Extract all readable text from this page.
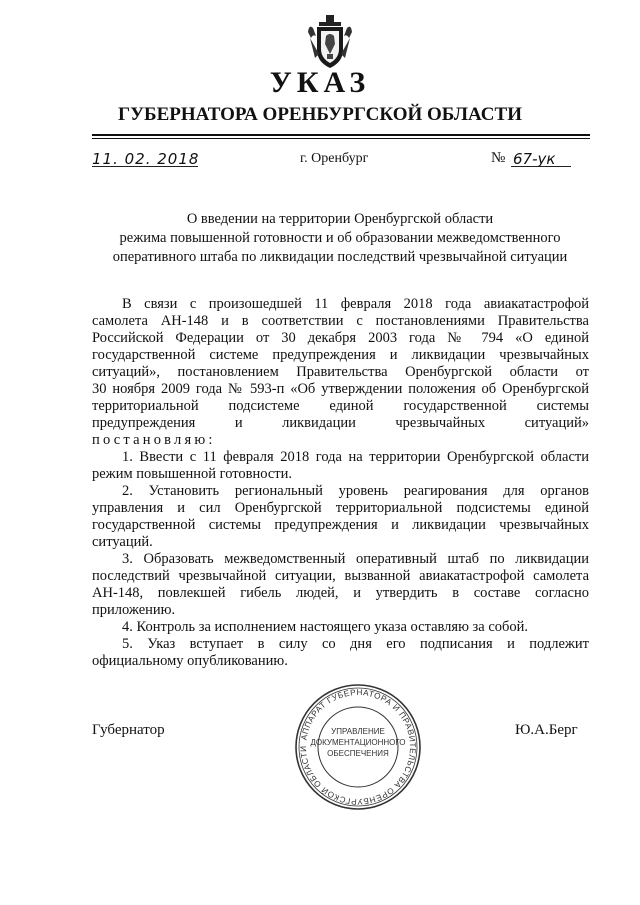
УКАЗ
ГУБЕРНАТОРА ОРЕНБУРГСКОЙ ОБЛАСТИ
11. 02. 2018	г. Оренбург	№ 67-ук
О введении на территории Оренбургской области
режима повышенной готовности и об образовании межведомственного
оперативного штаба по ликвидации последствий чрезвычайной ситуации
В связи с произошедшей 11 февраля 2018 года авиакатастрофой
самолета АН-148 и в соответствии с постановлениями Правительства
Российской Федерации от 30 декабря 2003 года № 794 «О единой
государственной системе предупреждения и ликвидации чрезвычайных
ситуаций», постановлением Правительства Оренбургской области от
30 ноября 2009 года № 593-п «Об утверждении положения об Оренбургской
территориальной подсистеме единой государственной системы
предупреждения и ликвидации чрезвычайных ситуаций»
постановляю:
1. Ввести с 11 февраля 2018 года на территории Оренбургской области
режим повышенной готовности.
2. Установить региональный уровень реагирования для органов
управления и сил Оренбургской территориальной подсистемы единой
государственной системы предупреждения и ликвидации чрезвычайных
ситуаций.
3. Образовать межведомственный оперативный штаб по ликвидации
последствий чрезвычайной ситуации, вызванной авиакатастрофой самолета
АН-148, повлекшей гибель людей, и утвердить в составе согласно
приложению.
4. Контроль за исполнением настоящего указа оставляю за собой.
5. Указ вступает в силу со дня его подписания и подлежит
официальному опубликованию.
Губернатор	Ю.А.Берг
АППАРАТ ГУБЕРНАТОРА И ПРАВИТЕЛЬСТВА ОРЕНБУРГСКОЙ ОБЛАСТИ
УПРАВЛЕНИЕ
ДОКУМЕНТАЦИОННОГО
ОБЕСПЕЧЕНИЯ
